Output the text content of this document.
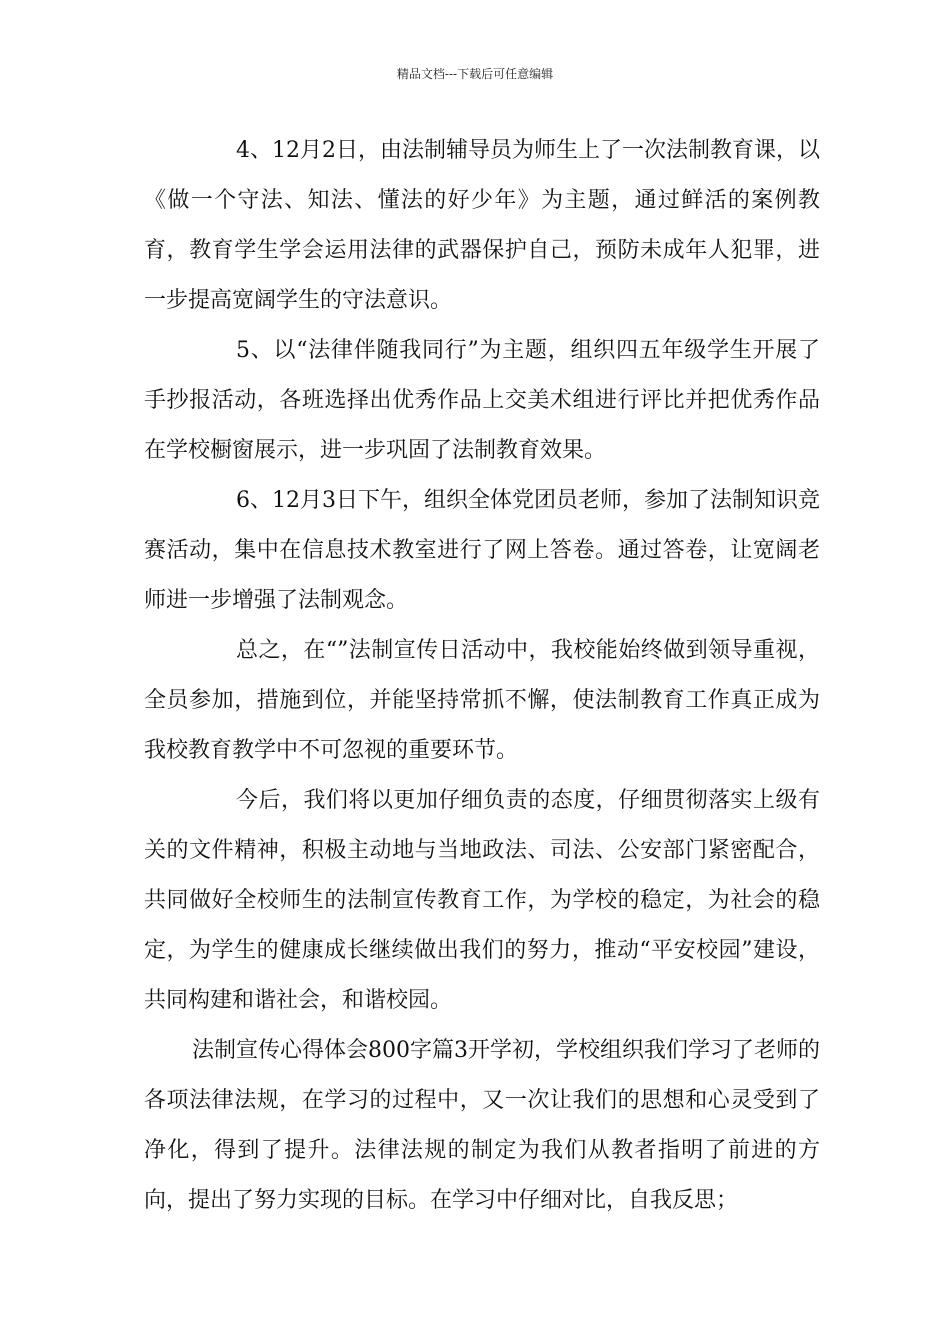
精品文档---下载后可任意编辑

4、12月2日，由法制辅导员为师生上了一次法制教育课，以《做一个守法、知法、懂法的好少年》为主题，通过鲜活的案例教育，教育学生学会运用法律的武器保护自己，预防未成年人犯罪，进一步提高宽阔学生的守法意识。

5、以“法律伴随我同行”为主题，组织四五年级学生开展了手抄报活动，各班选择出优秀作品上交美术组进行评比并把优秀作品在学校橱窗展示，进一步巩固了法制教育效果。

6、12月3日下午，组织全体党团员老师，参加了法制知识竞赛活动，集中在信息技术教室进行了网上答卷。通过答卷，让宽阔老师进一步增强了法制观念。

总之，在“”法制宣传日活动中，我校能始终做到领导重视，全员参加，措施到位，并能坚持常抓不懈，使法制教育工作真正成为我校教育教学中不可忽视的重要环节。

今后，我们将以更加仔细负责的态度，仔细贯彻落实上级有关的文件精神，积极主动地与当地政法、司法、公安部门紧密配合，共同做好全校师生的法制宣传教育工作，为学校的稳定，为社会的稳定，为学生的健康成长继续做出我们的努力，推动“平安校园”建设，共同构建和谐社会，和谐校园。

法制宣传心得体会800字篇3开学初，学校组织我们学习了老师的各项法律法规，在学习的过程中，又一次让我们的思想和心灵受到了净化，得到了提升。法律法规的制定为我们从教者指明了前进的方向，提出了努力实现的目标。在学习中仔细对比，自我反思；
